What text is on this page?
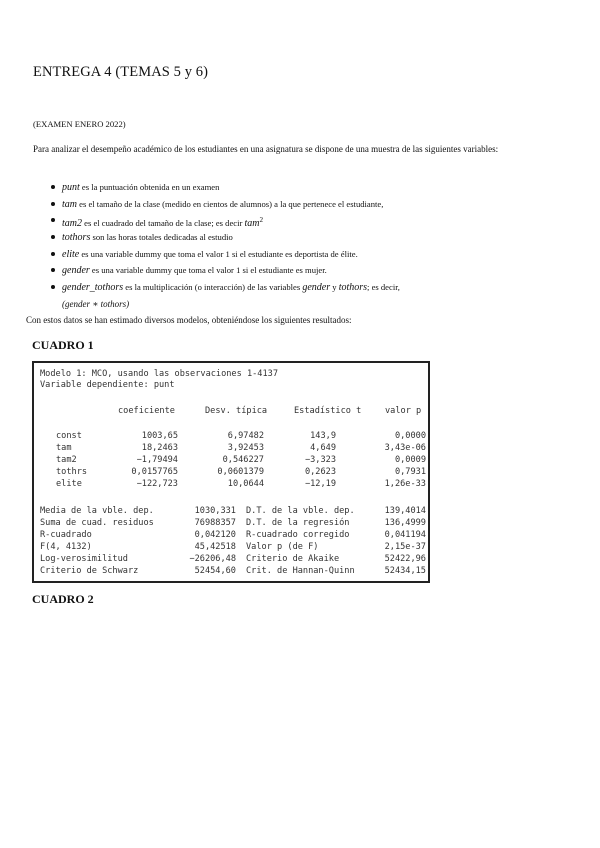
ENTREGA 4 (TEMAS 5 y 6)
(EXAMEN ENERO 2022)
Para analizar el desempeño académico de los estudiantes en una asignatura se dispone de una muestra de las siguientes variables:
punt es la puntuación obtenida en un examen
tam es el tamaño de la clase (medido en cientos de alumnos) a la que pertenece el estudiante,
tam2 es el cuadrado del tamaño de la clase; es decir tam$^2$
tothors son las horas totales dedicadas al estudio
elite es una variable dummy que toma el valor 1 si el estudiante es deportista de élite.
gender es una variable dummy que toma el valor 1 si el estudiante es mujer.
gender_tothors es la multiplicación (o interacción) de las variables gender y tothors; es decir,
(gender ∗ tothors)
Con estos datos se han estimado diversos modelos, obteniéndose los siguientes resultados:
CUADRO 1
Modelo 1: MCO, usando las observaciones 1-4137
Variable dependiente: punt
coeficiente	Desv. típica	Estadístico t	valor p
const	1003,65	6,97482	143,9	0,0000
tam	18,2463	3,92453	4,649	3,43e-06
tam2	−1,79494	0,546227	−3,323	0,0009
tothrs	0,0157765	0,0601379	0,2623	0,7931
elite	−122,723	10,0644	−12,19	1,26e-33
Media de la vble. dep.	1030,331 D.T. de la vble. dep.	139,4014
Suma de cuad. residuos	76988357 D.T. de la regresión	136,4999
R-cuadrado	0,042120 R-cuadrado corregido	0,041194
F(4, 4132)	45,42518 Valor p (de F)	2,15e-37
Log-verosimilitud	−26206,48 Criterio de Akaike	52422,96
Criterio de Schwarz	52454,60 Crit. de Hannan-Quinn	52434,15
CUADRO 2
